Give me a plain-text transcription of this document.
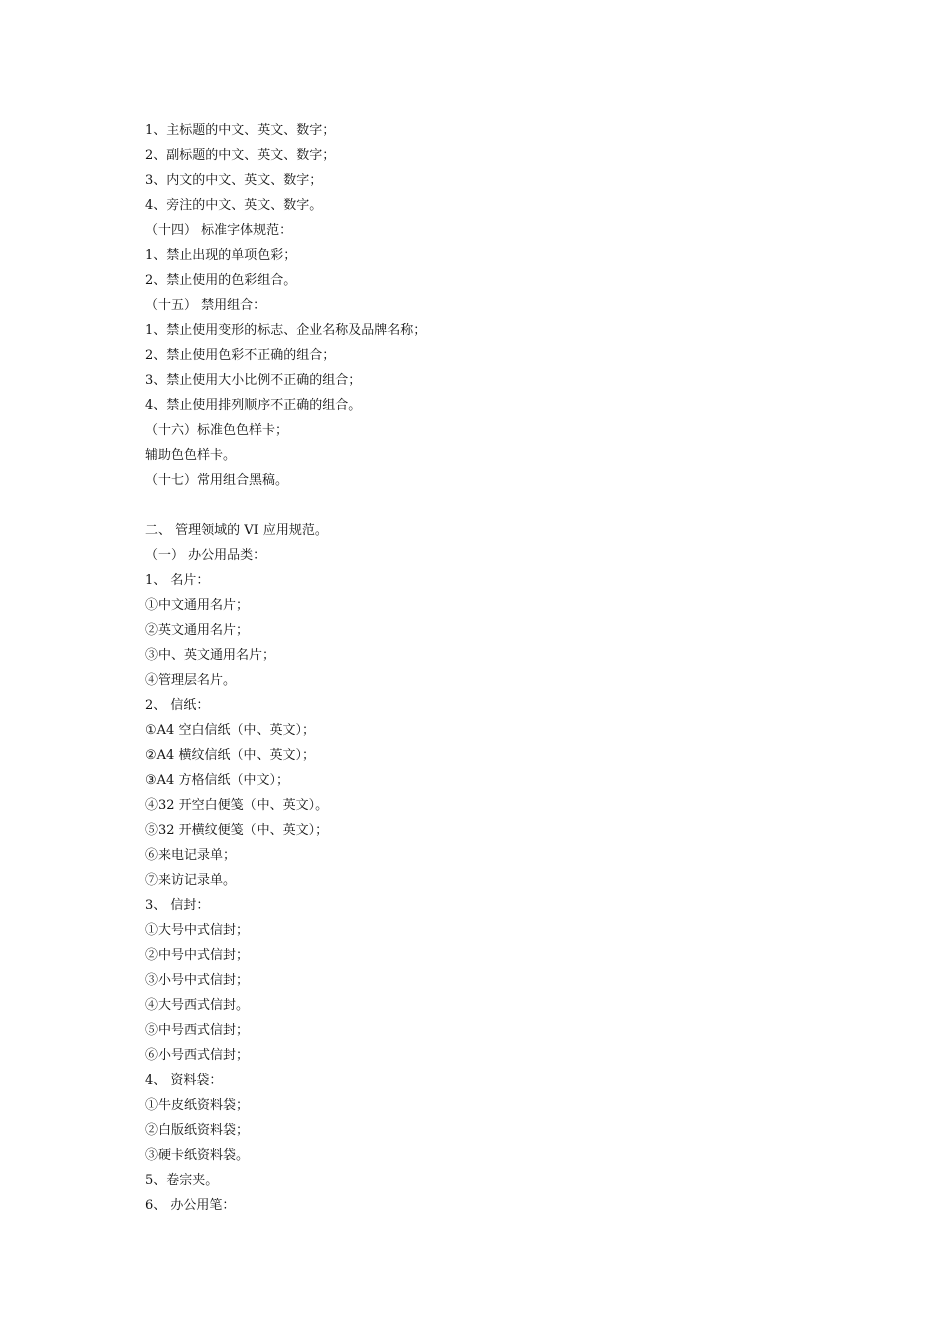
1、主标题的中文、英文、数字；

2、副标题的中文、英文、数字；

3、内文的中文、英文、数字；

4、旁注的中文、英文、数字。

（十四） 标准字体规范：

1、禁止出现的单项色彩；

2、禁止使用的色彩组合。

（十五） 禁用组合：

1、禁止使用变形的标志、企业名称及品牌名称；

2、禁止使用色彩不正确的组合；

3、禁止使用大小比例不正确的组合；

4、禁止使用排列顺序不正确的组合。

（十六）标准色色样卡；

辅助色色样卡。

（十七）常用组合黑稿。

二、 管理领域的 VI 应用规范。

（一） 办公用品类：

1、 名片：

①中文通用名片；

②英文通用名片；

③中、英文通用名片；

④管理层名片。

2、 信纸：

①A4 空白信纸（中、英文）；

②A4 横纹信纸（中、英文）；

③A4 方格信纸（中文）；

④32 开空白便笺（中、英文）。

⑤32 开横纹便笺（中、英文）；

⑥来电记录单；

⑦来访记录单。

3、 信封：

①大号中式信封；

②中号中式信封；

③小号中式信封；

④大号西式信封。

⑤中号西式信封；

⑥小号西式信封；

4、 资料袋：

①牛皮纸资料袋；

②白版纸资料袋；

③硬卡纸资料袋。

5、卷宗夹。

6、 办公用笔：
